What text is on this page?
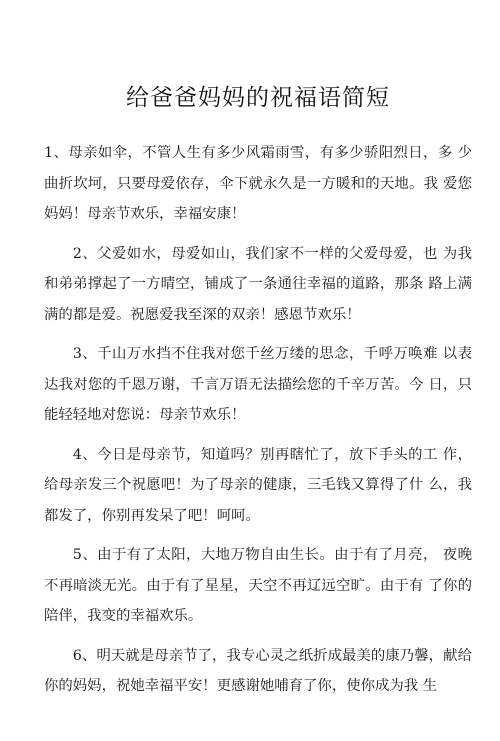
给爸爸妈妈的祝福语简短

1、母亲如伞，不管人生有多少风霜雨雪，有多少骄阳烈日，多 少曲折坎坷，只要母爱依存，伞下就永久是一方暖和的天地。我 爱您妈妈！母亲节欢乐，幸福安康！

2、父爱如水，母爱如山，我们家不一样的父爱母爱，也 为我和弟弟撑起了一方晴空，铺成了一条通往幸福的道路，那条 路上满满的都是爱。祝愿爱我至深的双亲！感恩节欢乐！

3、千山万水挡不住我对您千丝万缕的思念，千呼万唤难 以表达我对您的千恩万谢，千言万语无法描绘您的千辛万苦。今 日，只能轻轻地对您说：母亲节欢乐！

4、今日是母亲节，知道吗？别再瞎忙了，放下手头的工 作，给母亲发三个祝愿吧！为了母亲的健康，三毛钱又算得了什 么，我都发了，你别再发呆了吧！呵呵。

5、由于有了太阳，大地万物自由生长。由于有了月亮， 夜晚不再暗淡无光。由于有了星星，天空不再辽远空旷。由于有 了你的陪伴，我变的幸福欢乐。

6、明天就是母亲节了，我专心灵之纸折成最美的康乃馨，献给你的妈妈，祝她幸福平安！更感谢她哺育了你，使你成为我 生
